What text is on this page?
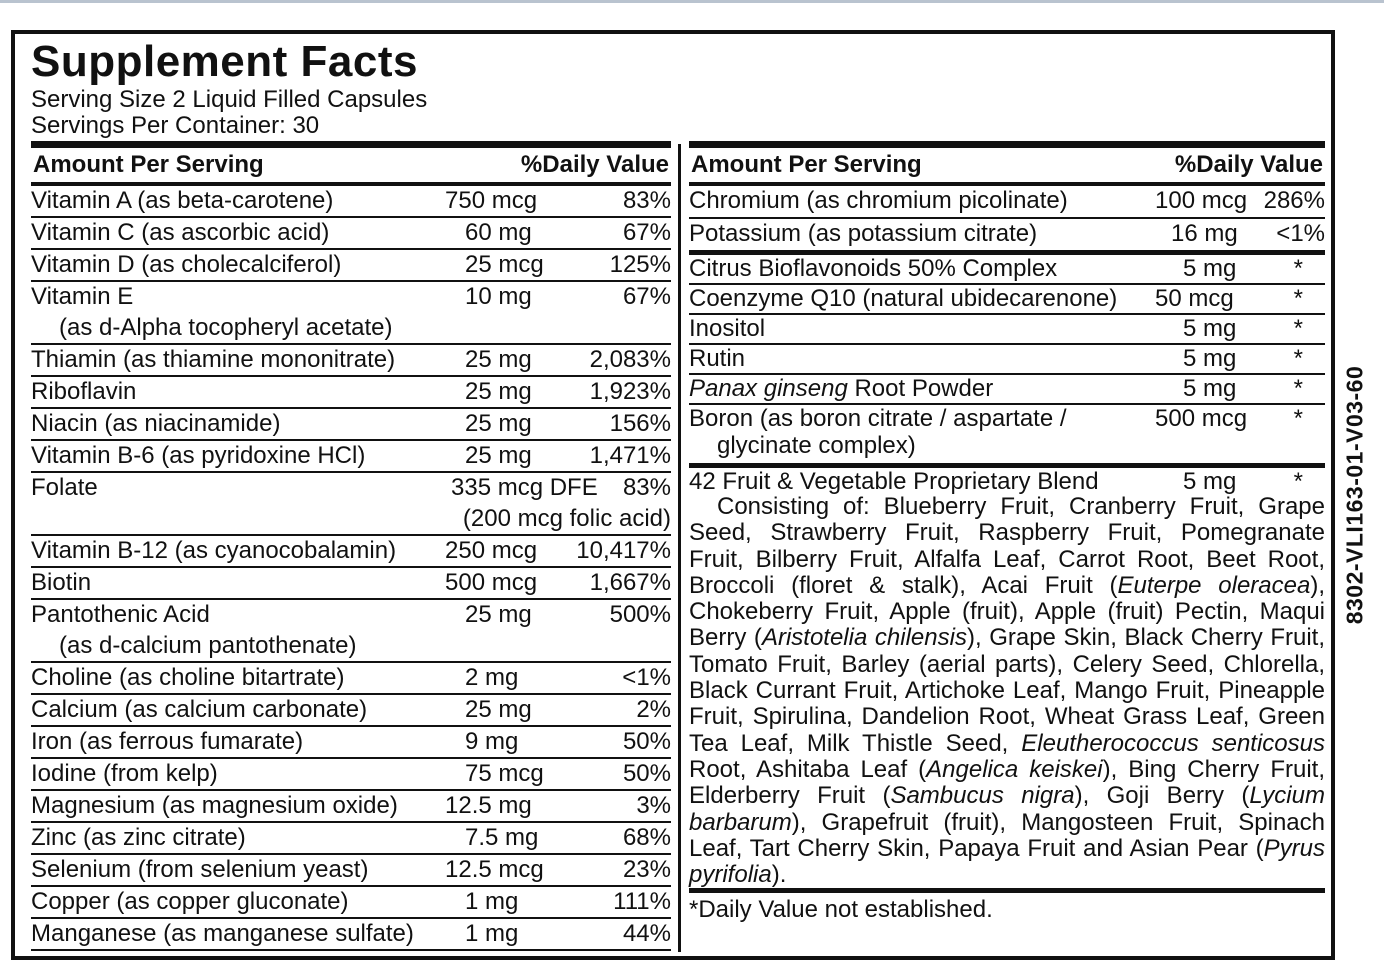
Supplement Facts
Serving Size 2 Liquid Filled Capsules
Servings Per Container: 30
Amount Per Serving	%Daily Value
Vitamin A (as beta-carotene)	750 mcg	83%
Vitamin C (as ascorbic acid)	60 mg	67%
Vitamin D (as cholecalciferol)	25 mcg	125%
Vitamin E	10 mg	67%
(as d-Alpha tocopheryl acetate)
Thiamin (as thiamine mononitrate)	25 mg 2,083%
Riboflavin	25 mg 1,923%
Niacin (as niacinamide)	25 mg	156%
Vitamin B-6 (as pyridoxine HCl)	25 mg 1,471%
Folate	335 mcg DFE 83%
(200 mcg folic acid)
Vitamin B-12 (as cyanocobalamin) 250 mcg 10,417%
Biotin	500 mcg 1,667%
Pantothenic Acid	25 mg	500%
(as d-calcium pantothenate)
Choline (as choline bitartrate)	2 mg	<1%
Calcium (as calcium carbonate)	25 mg	2%
Iron (as ferrous fumarate)	9 mg	50%
Iodine (from kelp)	75 mcg	50%
Magnesium (as magnesium oxide) 12.5 mg	3%
Zinc (as zinc citrate)	7.5 mg	68%
Selenium (from selenium yeast)	12.5 mcg	23%
Copper (as copper gluconate)	1 mg	111%
Manganese (as manganese sulfate) 1 mg	44%
Amount Per Serving	%Daily Value
Chromium (as chromium picolinate)	100 mcg 286%
Potassium (as potassium citrate)	16 mg <1%
Citrus Bioflavonoids 50% Complex	5 mg *
Coenzyme Q10 (natural ubidecarenone) 50 mcg *
Inositol	5 mg *
Rutin	5 mg *
Panax ginseng Root Powder	5 mg *
Boron (as boron citrate / aspartate /	500 mcg *
glycinate complex)
42 Fruit & Vegetable Proprietary Blend	5 mg *
Consisting of: Blueberry Fruit, Cranberry Fruit, Grape Seed, Strawberry Fruit, Raspberry Fruit, Pomegranate Fruit, Bilberry Fruit, Alfalfa Leaf, Carrot Root, Beet Root, Broccoli (floret & stalk), Acai Fruit (Euterpe oleracea), Chokeberry Fruit, Apple (fruit), Apple (fruit) Pectin, Maqui Berry (Aristotelia chilensis), Grape Skin, Black Cherry Fruit, Tomato Fruit, Barley (aerial parts), Celery Seed, Chlorella, Black Currant Fruit, Artichoke Leaf, Mango Fruit, Pineapple Fruit, Spirulina, Dandelion Root, Wheat Grass Leaf, Green Tea Leaf, Milk Thistle Seed, Eleutherococcus senticosus Root, Ashitaba Leaf (Angelica keiskei), Bing Cherry Fruit, Elderberry Fruit (Sambucus nigra), Goji Berry (Lycium barbarum), Grapefruit (fruit), Mangosteen Fruit, Spinach Leaf, Tart Cherry Skin, Papaya Fruit and Asian Pear (Pyrus pyrifolia).
*Daily Value not established.
8302-VLI163-01-V03-60
